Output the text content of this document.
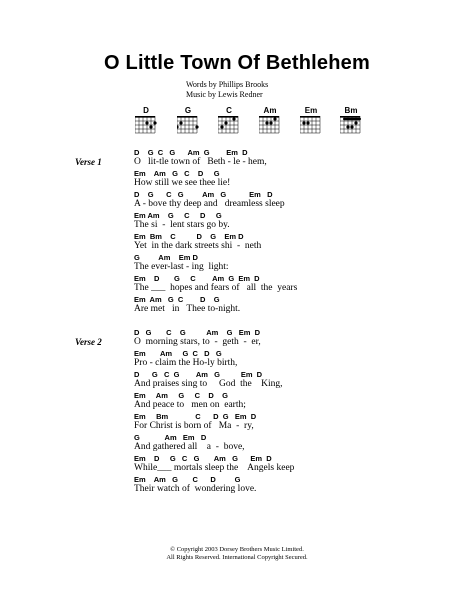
O Little Town Of Bethlehem
Words by Phillips Brooks
Music by Lewis Redner
D	G	C	Am	Em	Bm
Verse 1
D    G  C   G      Am  G        Em  D
O   lit-tle town of   Beth - le - hem,
Em    Am   G   C    D     G
How still we see thee lie!
D    G      C   G         Am   G           Em   D
A - bove thy deep and   dreamless sleep
Em Am    G     C     D     G
The si  -  lent stars go by.
Em  Bm    C          D    G    Em D
Yet  in the dark streets shi  -  neth
G         Am    Em D
The ever-last - ing  light:
Em    D       G     C        Am  G  Em  D
The ___  hopes and fears of   all  the  years
Em  Am   G  C        D    G
Are met   in   Thee to-night.
Verse 2
D   G       C    G          Am    G   Em  D
O  morning stars, to  -  geth  -  er,
Em       Am     G  C   D   G
Pro - claim the Ho-ly birth,
D      G   C  G        Am   G          Em  D
And praises sing to     God  the    King,
Em     Am     G     C    D    G
And peace to   men on  earth;
Em     Bm             C      D  G   Em  D
For Christ is born of   Ma  -  ry,
G            Am   Em   D
And gathered all    a  -  bove,
Em    D     G   C   G       Am   G      Em  D
While___ mortals sleep the    Angels keep
Em    Am   G       C      D         G
Their watch of  wondering love.
© Copyright 2003 Dorsey Brothers Music Limited.
All Rights Reserved. International Copyright Secured.
